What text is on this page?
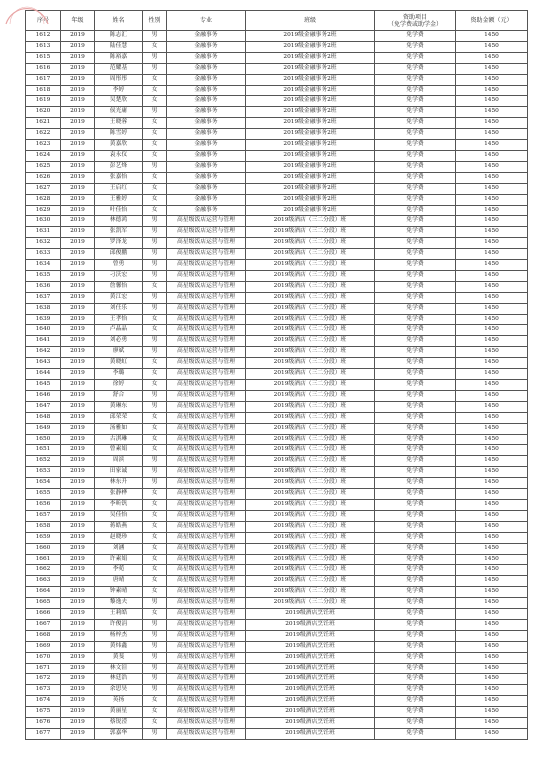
序号	年级	姓名	性别	专业	班级	资助项目
（免学费或助学金）	资助金额（元）
1612	2019	陈志汇	男	金融事务	2019级金融事务2班	免学费	1450
1613	2019	陆佳慧	女	金融事务	2019级金融事务2班	免学费	1450
1615	2019	陈裕嘉	男	金融事务	2019级金融事务2班	免学费	1450
1616	2019	范耀基	男	金融事务	2019级金融事务2班	免学费	1450
1617	2019	周彤彤	女	金融事务	2019级金融事务2班	免学费	1450
1618	2019	李婷	女	金融事务	2019级金融事务2班	免学费	1450
1619	2019	吴楚欣	女	金融事务	2019级金融事务2班	免学费	1450
1620	2019	侯光庸	男	金融事务	2019级金融事务2班	免学费	1450
1621	2019	王晓蓉	女	金融事务	2019级金融事务2班	免学费	1450
1622	2019	陈雪婷	女	金融事务	2019级金融事务2班	免学费	1450
1623	2019	黄嘉欣	女	金融事务	2019级金融事务2班	免学费	1450
1624	2019	袁永仪	女	金融事务	2019级金融事务2班	免学费	1450
1625	2019	彭艺烽	男	金融事务	2019级金融事务2班	免学费	1450
1626	2019	张嘉怡	女	金融事务	2019级金融事务2班	免学费	1450
1627	2019	王启红	女	金融事务	2019级金融事务2班	免学费	1450
1628	2019	王雅婷	女	金融事务	2019级金融事务2班	免学费	1450
1629	2019	叶佳怡	女	金融事务	2019级金融事务2班	免学费	1450
1630	2019	林德鸿	男	高星级饭店运营与管理	2019级酒店（三二分段）班	免学费	1450
1631	2019	张凯军	男	高星级饭店运营与管理	2019级酒店（三二分段）班	免学费	1450
1632	2019	罗泽龙	男	高星级饭店运营与管理	2019级酒店（三二分段）班	免学费	1450
1633	2019	邱俊鹏	男	高星级饭店运营与管理	2019级酒店（三二分段）班	免学费	1450
1634	2019	曾勇	男	高星级饭店运营与管理	2019级酒店（三二分段）班	免学费	1450
1635	2019	刁沃宏	男	高星级饭店运营与管理	2019级酒店（三二分段）班	免学费	1450
1636	2019	詹馨怡	女	高星级饭店运营与管理	2019级酒店（三二分段）班	免学费	1450
1637	2019	黄江宏	男	高星级饭店运营与管理	2019级酒店（三二分段）班	免学费	1450
1638	2019	刘任乐	男	高星级饭店运营与管理	2019级酒店（三二分段）班	免学费	1450
1639	2019	王孝怡	女	高星级饭店运营与管理	2019级酒店（三二分段）班	免学费	1450
1640	2019	卢晶晶	女	高星级饭店运营与管理	2019级酒店（三二分段）班	免学费	1450
1641	2019	刘必勇	男	高星级饭店运营与管理	2019级酒店（三二分段）班	免学费	1450
1642	2019	廖斌	男	高星级饭店运营与管理	2019级酒店（三二分段）班	免学费	1450
1643	2019	黄晓虹	女	高星级饭店运营与管理	2019级酒店（三二分段）班	免学费	1450
1644	2019	李璐	女	高星级饭店运营与管理	2019级酒店（三二分段）班	免学费	1450
1645	2019	徐婷	女	高星级饭店运营与管理	2019级酒店（三二分段）班	免学费	1450
1646	2019	舒合	男	高星级饭店运营与管理	2019级酒店（三二分段）班	免学费	1450
1647	2019	黄琳东	男	高星级饭店运营与管理	2019级酒店（三二分段）班	免学费	1450
1648	2019	邱荣荣	女	高星级饭店运营与管理	2019级酒店（三二分段）班	免学费	1450
1649	2019	汤雅如	女	高星级饭店运营与管理	2019级酒店（三二分段）班	免学费	1450
1650	2019	古淇琳	女	高星级饭店运营与管理	2019级酒店（三二分段）班	免学费	1450
1651	2019	曾素娟	女	高星级饭店运营与管理	2019级酒店（三二分段）班	免学费	1450
1652	2019	周滨	男	高星级饭店运营与管理	2019级酒店（三二分段）班	免学费	1450
1653	2019	田家诚	男	高星级饭店运营与管理	2019级酒店（三二分段）班	免学费	1450
1654	2019	林东升	男	高星级饭店运营与管理	2019级酒店（三二分段）班	免学费	1450
1655	2019	张静桦	女	高星级饭店运营与管理	2019级酒店（三二分段）班	免学费	1450
1656	2019	李昕钒	女	高星级饭店运营与管理	2019级酒店（三二分段）班	免学费	1450
1657	2019	吴佳怡	女	高星级饭店运营与管理	2019级酒店（三二分段）班	免学费	1450
1658	2019	蒋皓燕	女	高星级饭店运营与管理	2019级酒店（三二分段）班	免学费	1450
1659	2019	赵晓珍	女	高星级饭店运营与管理	2019级酒店（三二分段）班	免学费	1450
1660	2019	刘涵	女	高星级饭店运营与管理	2019级酒店（三二分段）班	免学费	1450
1661	2019	许素娟	女	高星级饭店运营与管理	2019级酒店（三二分段）班	免学费	1450
1662	2019	李菀	女	高星级饭店运营与管理	2019级酒店（三二分段）班	免学费	1450
1663	2019	唐晴	女	高星级饭店运营与管理	2019级酒店（三二分段）班	免学费	1450
1664	2019	钟素晴	女	高星级饭店运营与管理	2019级酒店（三二分段）班	免学费	1450
1665	2019	黎逸夫	男	高星级饭店运营与管理	2019级酒店（三二分段）班	免学费	1450
1666	2019	王莉皓	女	高星级饭店运营与管理	2019级酒店烹饪班	免学费	1450
1667	2019	许俊涓	男	高星级饭店运营与管理	2019级酒店烹饪班	免学费	1450
1668	2019	杨梓杰	男	高星级饭店运营与管理	2019级酒店烹饪班	免学费	1450
1669	2019	黄炜鑫	男	高星级饭店运营与管理	2019级酒店烹饪班	免学费	1450
1670	2019	黄斐	男	高星级饭店运营与管理	2019级酒店烹饪班	免学费	1450
1671	2019	林文渲	男	高星级饭店运营与管理	2019级酒店烹饪班	免学费	1450
1672	2019	林廷浩	男	高星级饭店运营与管理	2019级酒店烹饪班	免学费	1450
1673	2019	余思昊	男	高星级饭店运营与管理	2019级酒店烹饪班	免学费	1450
1674	2019	英扬	女	高星级饭店运营与管理	2019级酒店烹饪班	免学费	1450
1675	2019	黄丽星	女	高星级饭店运营与管理	2019级酒店烹饪班	免学费	1450
1676	2019	蔡锐滢	女	高星级饭店运营与管理	2019级酒店烹饪班	免学费	1450
1677	2019	郭嘉华	男	高星级饭店运营与管理	2019级酒店烹饪班	免学费	1450
